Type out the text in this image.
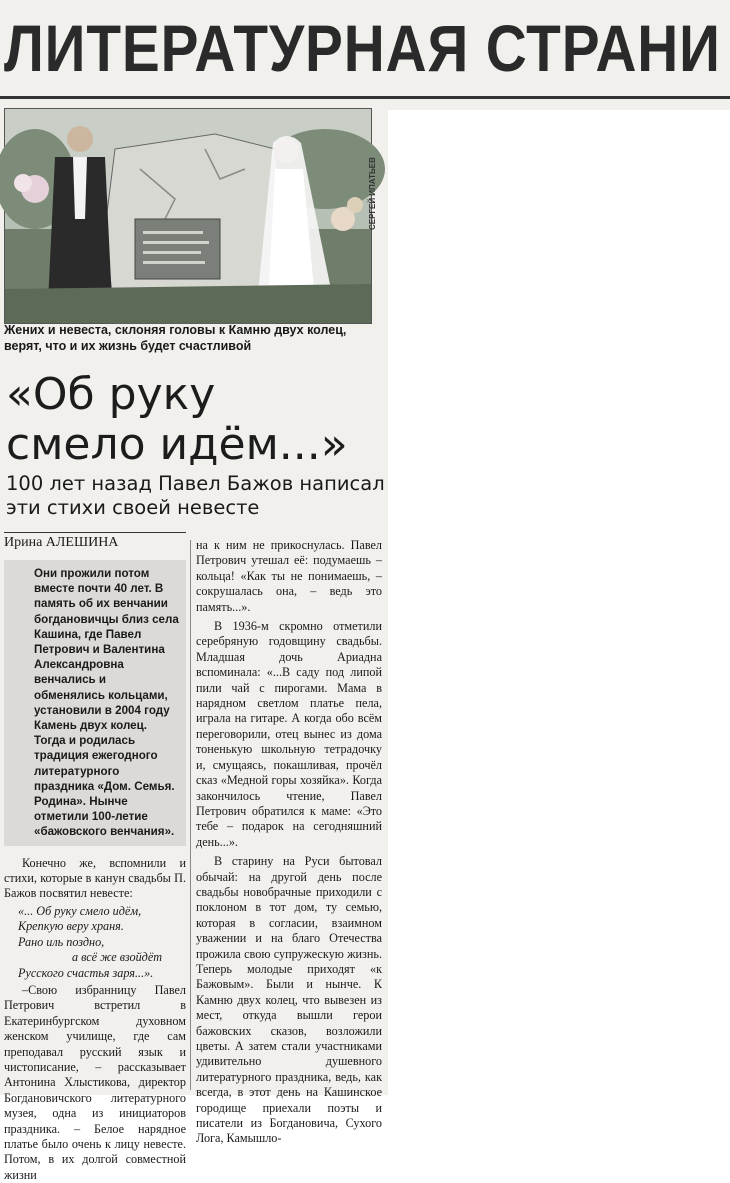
ЛИТЕРАТУРНАЯ СТРАНИ
СЕРГЕЙ ИПАТЬЕВ
Жених и невеста, склоняя головы к Камню двух колец, верят, что и их жизнь будет счастливой
«Об руку
смело идём...»
100 лет назад Павел Бажов написал эти стихи своей невесте
Ирина АЛЕШИНА
Они прожили потом вместе почти 40 лет. В память об их венчании богдановичцы близ села Кашина, где Павел Петрович и Валентина Александровна венчались и обменялись кольцами, установили в 2004 году Камень двух колец. Тогда и родилась традиция ежегодного литературного праздника «Дом. Семья. Родина». Нынче отметили 100-летие «бажовского венчания».

Конечно же, вспомнили и стихи, которые в канун свадьбы П. Бажов посвятил невесте:

«... Об руку смело идём,
Крепкую веру храня.
Рано иль поздно,
а всё же взойдёт
Русского счастья заря...».

–Свою избранницу Павел Петрович встретил в Екатеринбургском духовном женском училище, где сам преподавал русский язык и чистописание, – рассказывает Антонина Хлыстикова, директор Богдановичского литературного музея, одна из инициаторов праздника. – Белое нарядное платье было очень к лицу невесте. Потом, в их долгой совместной жизни

на к ним не прикоснулась. Павел Петрович утешал её: подумаешь – кольца! «Как ты не понимаешь, – сокрушалась она, – ведь это память...».

В 1936-м скромно отметили серебряную годовщину свадьбы. Младшая дочь Ариадна вспоминала: «...В саду под липой пили чай с пирогами. Мама в нарядном светлом платье пела, играла на гитаре. А когда обо всём переговорили, отец вынес из дома тоненькую школьную тетрадочку и, смущаясь, покашливая, прочёл сказ «Медной горы хозяйка». Когда закончилось чтение, Павел Петрович обратился к маме: «Это тебе – подарок на сегодняшний день...».

В старину на Руси бытовал обычай: на другой день после свадьбы новобрачные приходили с поклоном в тот дом, ту семью, которая в согласии, взаимном уважении и на благо Отечества прожила свою супружескую жизнь. Теперь молодые приходят «к Бажовым». Были и нынче. К Камню двух колец, что вывезен из мест, откуда вышли герои бажовских сказов, возложили цветы. А затем стали участниками удивительно душевного литературного праздника, ведь, как всегда, в этот день на Кашинское городище приехали поэты и писатели из Богдановича, Сухого Лога, Камышло-
